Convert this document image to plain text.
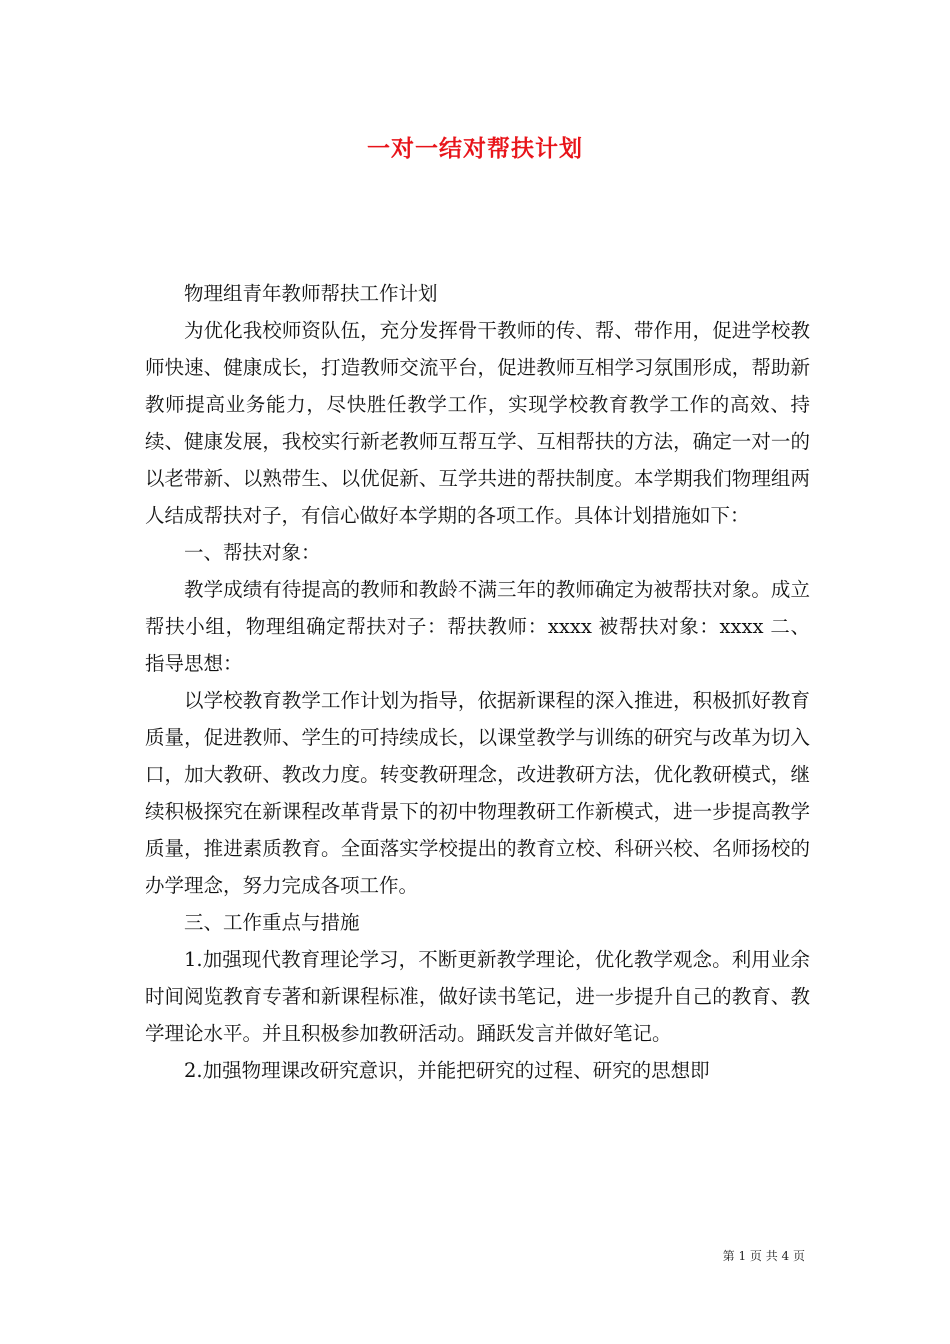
一对一结对帮扶计划

物理组青年教师帮扶工作计划

为优化我校师资队伍，充分发挥骨干教师的传、帮、带作用，促进学校教师快速、健康成长，打造教师交流平台，促进教师互相学习氛围形成，帮助新教师提高业务能力，尽快胜任教学工作，实现学校教育教学工作的高效、持续、健康发展，我校实行新老教师互帮互学、互相帮扶的方法，确定一对一的以老带新、以熟带生、以优促新、互学共进的帮扶制度。本学期我们物理组两人结成帮扶对子，有信心做好本学期的各项工作。具体计划措施如下：

一、帮扶对象：

教学成绩有待提高的教师和教龄不满三年的教师确定为被帮扶对象。成立帮扶小组，物理组确定帮扶对子：帮扶教师：xxxx 被帮扶对象：xxxx 二、指导思想：

以学校教育教学工作计划为指导，依据新课程的深入推进，积极抓好教育质量，促进教师、学生的可持续成长，以课堂教学与训练的研究与改革为切入口，加大教研、教改力度。转变教研理念，改进教研方法，优化教研模式，继续积极探究在新课程改革背景下的初中物理教研工作新模式，进一步提高教学质量，推进素质教育。全面落实学校提出的教育立校、科研兴校、名师扬校的办学理念，努力完成各项工作。

三、工作重点与措施

1.加强现代教育理论学习，不断更新教学理论，优化教学观念。利用业余时间阅览教育专著和新课程标准，做好读书笔记，进一步提升自己的教育、教学理论水平。并且积极参加教研活动。踊跃发言并做好笔记。

2.加强物理课改研究意识，并能把研究的过程、研究的思想即

第 1 页 共 4 页
